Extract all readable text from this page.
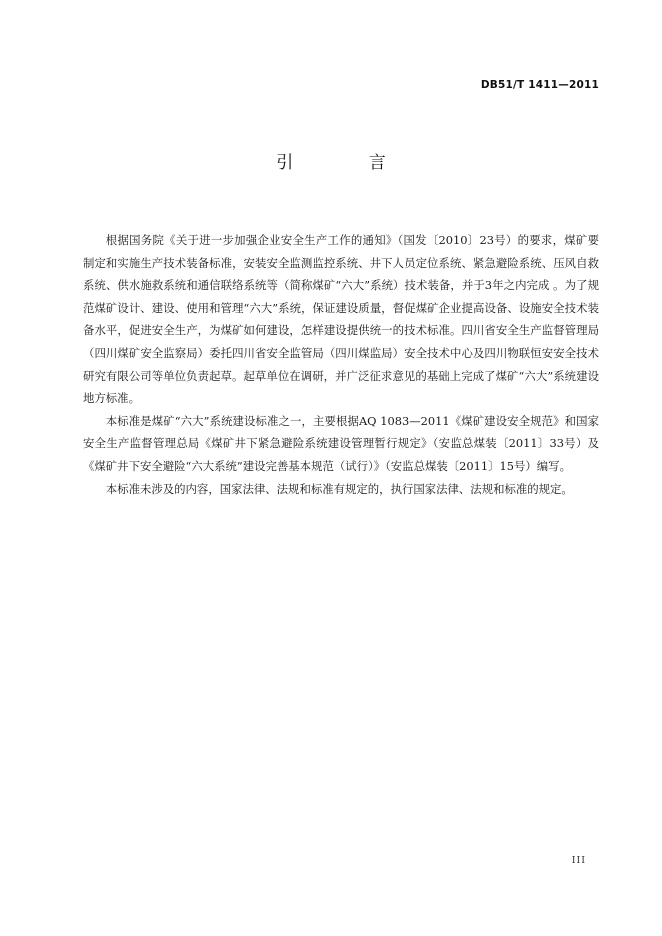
DB51/T 1411—2011
引 言

根据国务院《关于进一步加强企业安全生产工作的通知》（国发〔2010〕23号）的要求，煤矿要制定和实施生产技术装备标准，安装安全监测监控系统、井下人员定位系统、紧急避险系统、压风自救系统、供水施救系统和通信联络系统等（简称煤矿“六大”系统）技术装备，并于3年之内完成 。为了规范煤矿设计、建设、使用和管理“六大”系统，保证建设质量，督促煤矿企业提高设备、设施安全技术装备水平，促进安全生产，为煤矿如何建设，怎样建设提供统一的技术标准。四川省安全生产监督管理局（四川煤矿安全监察局）委托四川省安全监管局（四川煤监局）安全技术中心及四川物联恒安安全技术研究有限公司等单位负责起草。起草单位在调研，并广泛征求意见的基础上完成了煤矿“六大”系统建设地方标准。

本标准是煤矿“六大”系统建设标准之一，主要根据AQ 1083—2011《煤矿建设安全规范》和国家安全生产监督管理总局《煤矿井下紧急避险系统建设管理暂行规定》（安监总煤装〔2011〕33号）及《煤矿井下安全避险“六大系统”建设完善基本规范（试行）》（安监总煤装〔2011〕15号）编写。

本标准未涉及的内容，国家法律、法规和标准有规定的，执行国家法律、法规和标准的规定。

III
